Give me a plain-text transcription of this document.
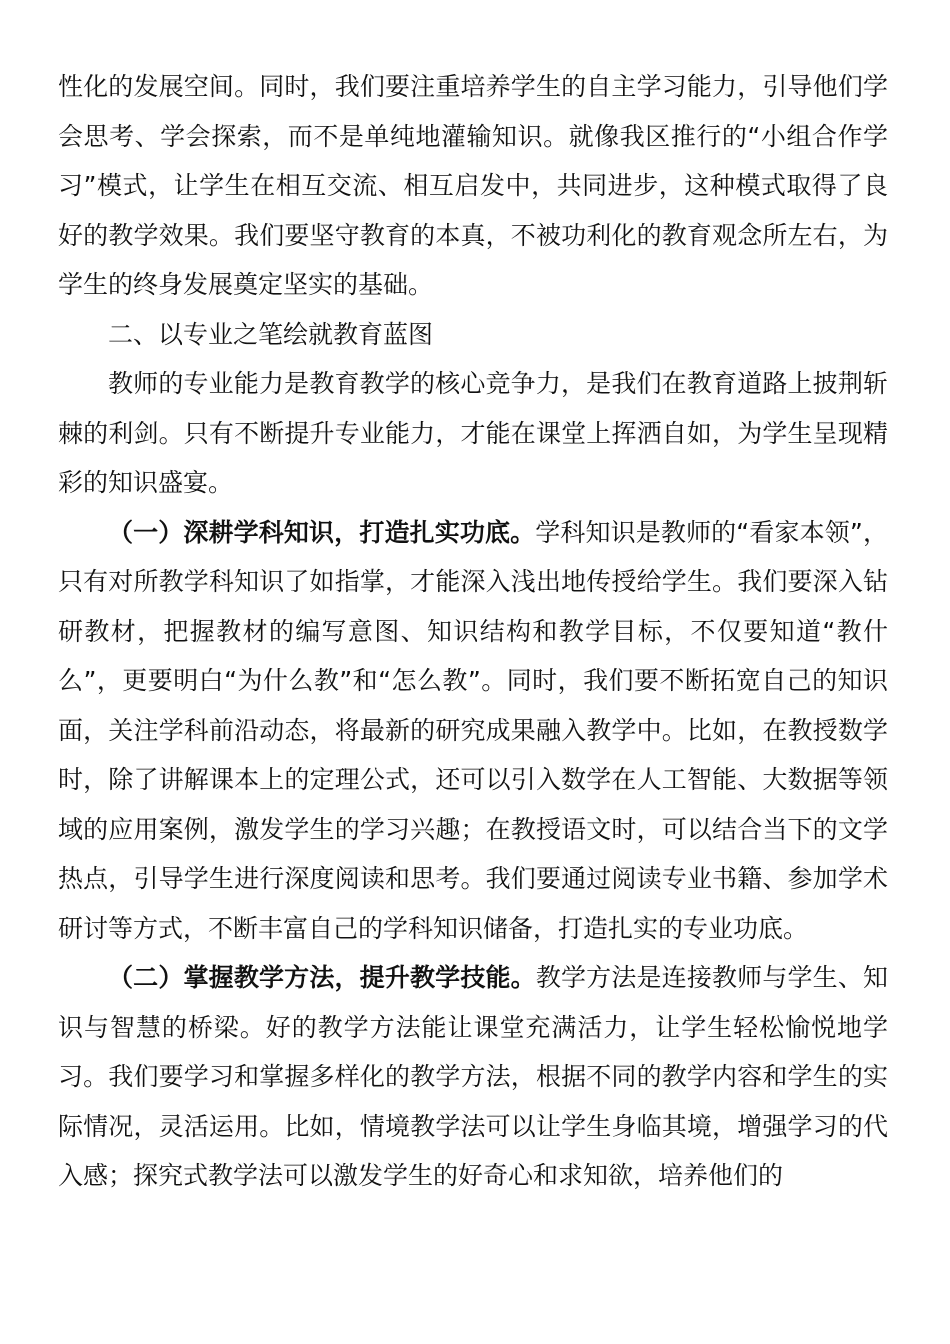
性化的发展空间。同时，我们要注重培养学生的自主学习能力，引导他们学会思考、学会探索，而不是单纯地灌输知识。就像我区推行的“小组合作学习”模式，让学生在相互交流、相互启发中，共同进步，这种模式取得了良好的教学效果。我们要坚守教育的本真，不被功利化的教育观念所左右，为学生的终身发展奠定坚实的基础。

二、以专业之笔绘就教育蓝图

教师的专业能力是教育教学的核心竞争力，是我们在教育道路上披荆斩棘的利剑。只有不断提升专业能力，才能在课堂上挥洒自如，为学生呈现精彩的知识盛宴。

（一）深耕学科知识，打造扎实功底。学科知识是教师的“看家本领”，只有对所教学科知识了如指掌，才能深入浅出地传授给学生。我们要深入钻研教材，把握教材的编写意图、知识结构和教学目标，不仅要知道“教什么”，更要明白“为什么教”和“怎么教”。同时，我们要不断拓宽自己的知识面，关注学科前沿动态，将最新的研究成果融入教学中。比如，在教授数学时，除了讲解课本上的定理公式，还可以引入数学在人工智能、大数据等领域的应用案例，激发学生的学习兴趣；在教授语文时，可以结合当下的文学热点，引导学生进行深度阅读和思考。我们要通过阅读专业书籍、参加学术研讨等方式，不断丰富自己的学科知识储备，打造扎实的专业功底。

（二）掌握教学方法，提升教学技能。教学方法是连接教师与学生、知识与智慧的桥梁。好的教学方法能让课堂充满活力，让学生轻松愉悦地学习。我们要学习和掌握多样化的教学方法，根据不同的教学内容和学生的实际情况，灵活运用。比如，情境教学法可以让学生身临其境，增强学习的代入感；探究式教学法可以激发学生的好奇心和求知欲，培养他们的
